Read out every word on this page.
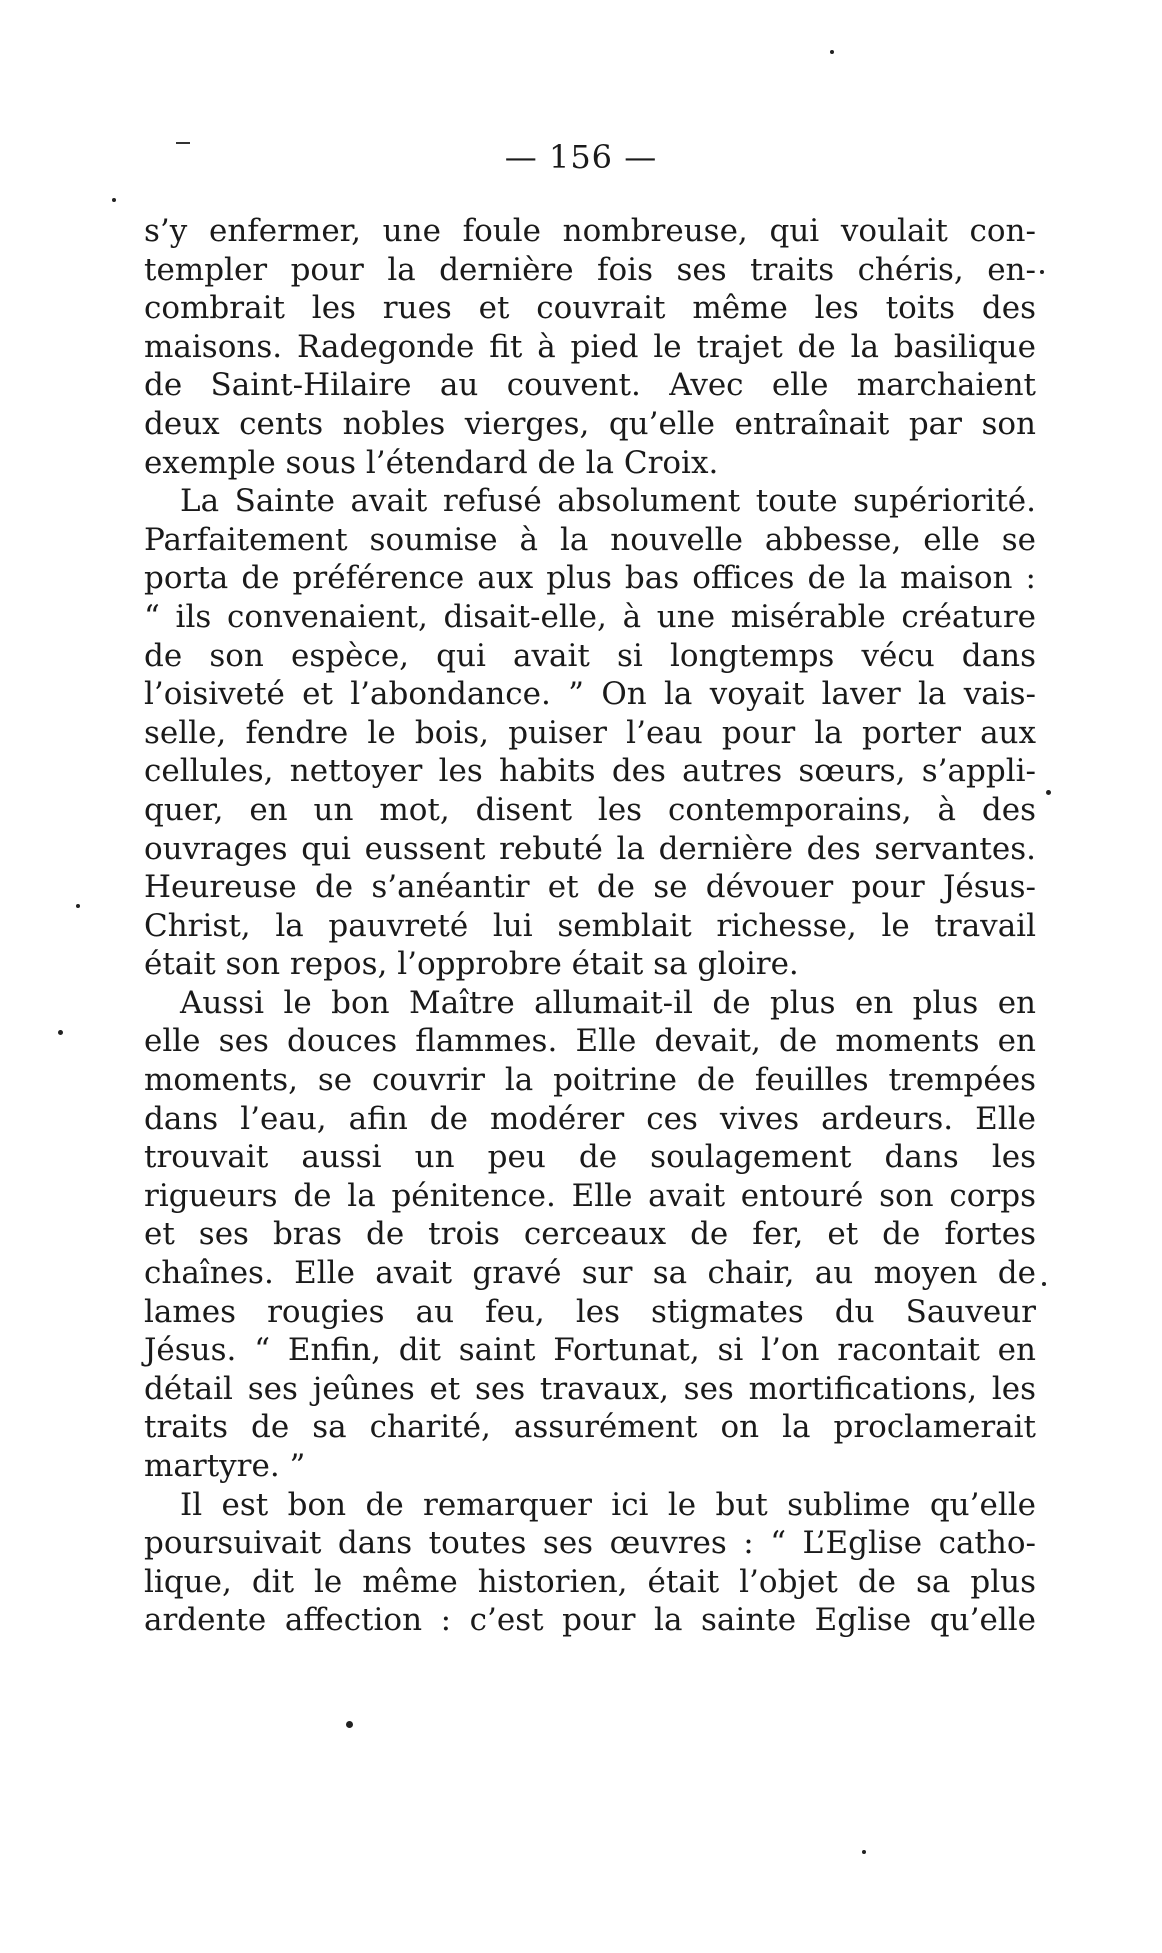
— 156 —
s’y enfermer, une foule nombreuse, qui voulait con-
templer pour la dernière fois ses traits chéris, en-
combrait les rues et couvrait même les toits des
maisons. Radegonde fit à pied le trajet de la basilique
de Saint-Hilaire au couvent. Avec elle marchaient
deux cents nobles vierges, qu’elle entraînait par son
exemple sous l’étendard de la Croix.
La Sainte avait refusé absolument toute supériorité.
Parfaitement soumise à la nouvelle abbesse, elle se
porta de préférence aux plus bas offices de la maison :
“ ils convenaient, disait-elle, à une misérable créature
de son espèce, qui avait si longtemps vécu dans
l’oisiveté et l’abondance. ” On la voyait laver la vais-
selle, fendre le bois, puiser l’eau pour la porter aux
cellules, nettoyer les habits des autres sœurs, s’appli-
quer, en un mot, disent les contemporains, à des
ouvrages qui eussent rebuté la dernière des servantes.
Heureuse de s’anéantir et de se dévouer pour Jésus-
Christ, la pauvreté lui semblait richesse, le travail
était son repos, l’opprobre était sa gloire.
Aussi le bon Maître allumait-il de plus en plus en
elle ses douces flammes. Elle devait, de moments en
moments, se couvrir la poitrine de feuilles trempées
dans l’eau, afin de modérer ces vives ardeurs. Elle
trouvait aussi un peu de soulagement dans les
rigueurs de la pénitence. Elle avait entouré son corps
et ses bras de trois cerceaux de fer, et de fortes
chaînes. Elle avait gravé sur sa chair, au moyen de
lames rougies au feu, les stigmates du Sauveur
Jésus. “ Enfin, dit saint Fortunat, si l’on racontait en
détail ses jeûnes et ses travaux, ses mortifications, les
traits de sa charité, assurément on la proclamerait
martyre. ”
Il est bon de remarquer ici le but sublime qu’elle
poursuivait dans toutes ses œuvres : “ L’Eglise catho-
lique, dit le même historien, était l’objet de sa plus
ardente affection : c’est pour la sainte Eglise qu’elle
